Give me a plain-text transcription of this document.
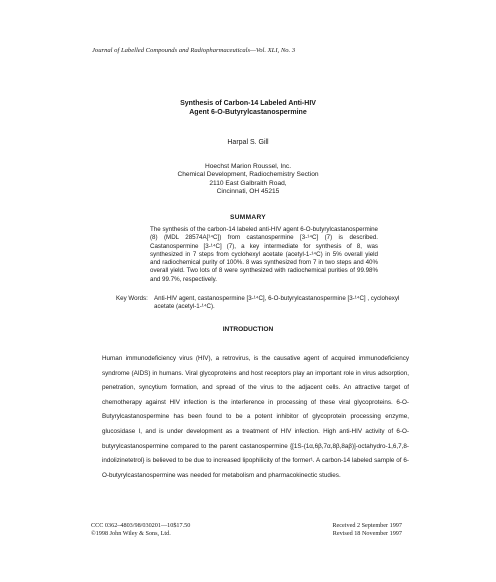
Journal of Labelled Compounds and Radiopharmaceuticals—Vol. XLI, No. 3
Synthesis of Carbon-14 Labeled Anti-HIV
Agent 6-O-Butyrylcastanospermine
Harpal S. Gill
Hoechst Marion Roussel, Inc.
Chemical Development, Radiochemistry Section
2110 East Galbraith Road,
Cincinnati, OH 45215
SUMMARY
The synthesis of the carbon-14 labeled anti-HIV agent 6-O-butyrylcastanospermine (8) (MDL 28574A[¹⁴C]) from castanospermine [3-¹⁴C] (7) is described. Castanospermine [3-¹⁴C] (7), a key intermediate for synthesis of 8, was synthesized in 7 steps from cyclohexyl acetate (acetyl-1-¹⁴C) in 5% overall yield and radiochemical purity of 100%. 8 was synthesized from 7 in two steps and 40% overall yield. Two lots of 8 were synthesized with radiochemical purities of 99.98% and 99.7%, respectively.
Key Words: Anti-HIV agent, castanospermine [3-¹⁴C], 6-O-butyrylcastanospermine [3-¹⁴C] , cyclohexyl acetate (acetyl-1-¹⁴C).
INTRODUCTION
Human immunodeficiency virus (HIV), a retrovirus, is the causative agent of acquired immunodeficiency syndrome (AIDS) in humans. Viral glycoproteins and host receptors play an important role in virus adsorption, penetration, syncytium formation, and spread of the virus to the adjacent cells. An attractive target of chemotherapy against HIV infection is the interference in processing of these viral glycoproteins. 6-O-Butyrylcastanospermine has been found to be a potent inhibitor of glycoprotein processing enzyme, glucosidase I, and is under development as a treatment of HIV infection. High anti-HIV activity of 6-O-butyrylcastanospermine compared to the parent castanospermine {[1S-(1α,6β,7α,8β,8aβ)]-octahydro-1,6,7,8-indolizinetetrol} is believed to be due to increased lipophilicity of the former¹. A carbon-14 labeled sample of 6-O-butyrylcastanospermine was needed for metabolism and pharmacokinectic studies.
CCC 0362–4803/98/030201—10$17.50
©1998 John Wiley & Sons, Ltd.
Received 2 September 1997
Revised 18 November 1997
